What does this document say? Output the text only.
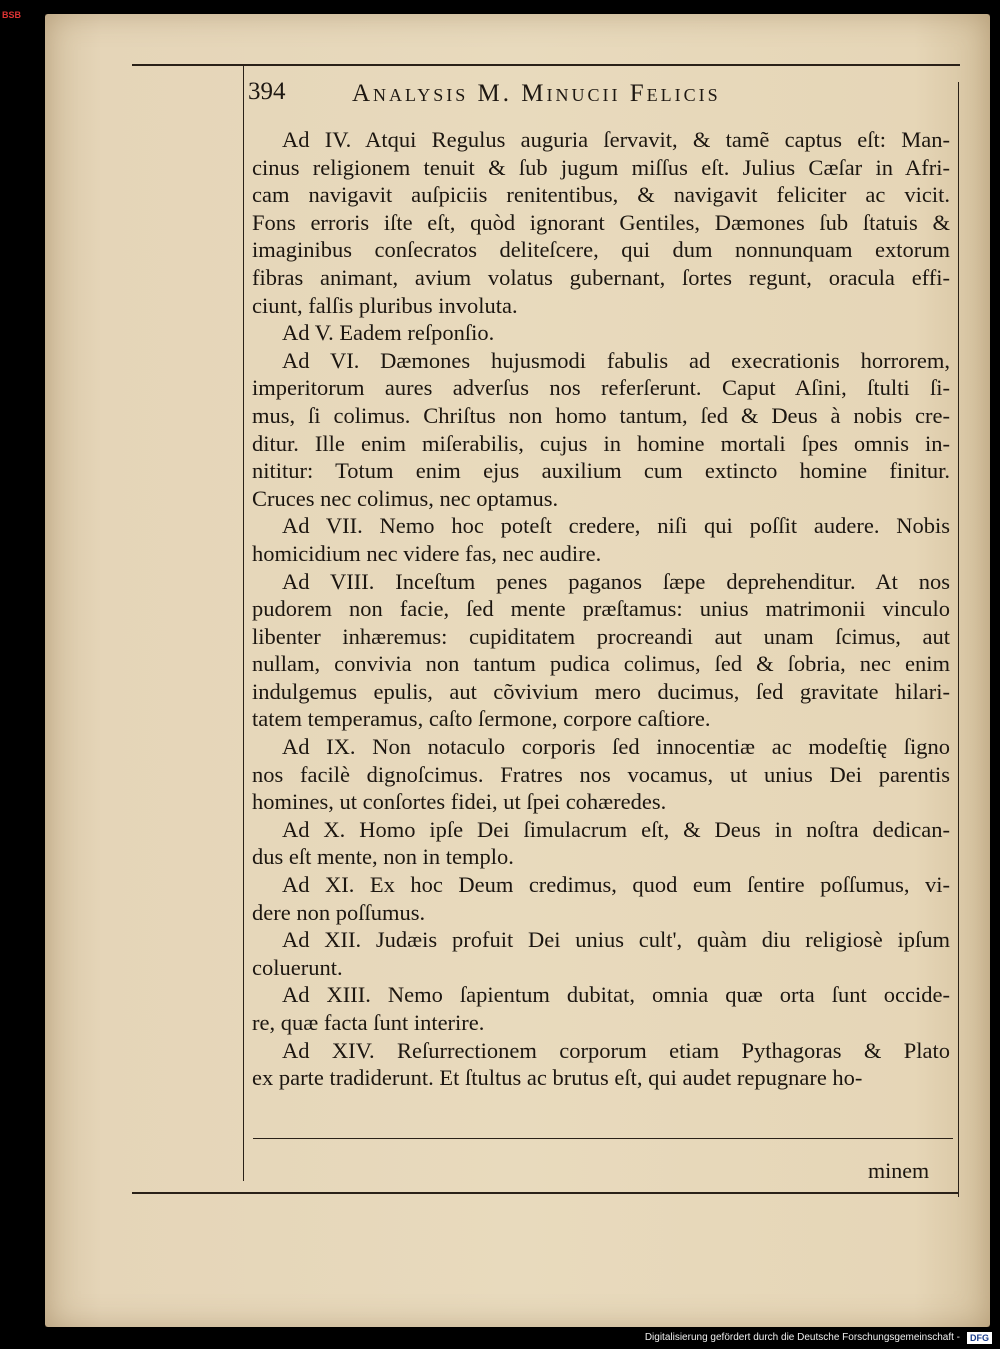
BSB
394	Analysis M. Minucii Felicis
Ad IV. Atqui Regulus auguria ſervavit, & tamẽ captus eſt: Man-
cinus religionem tenuit & ſub jugum miſſus eſt. Julius Cæſar in Afri-
cam navigavit auſpiciis renitentibus, & navigavit feliciter ac vicit.
Fons erroris iſte eſt, quòd ignorant Gentiles, Dæmones ſub ſtatuis &
imaginibus conſecratos deliteſcere, qui dum nonnunquam extorum
fibras animant, avium volatus gubernant, ſortes regunt, oracula effi-
ciunt, falſis pluribus involuta.
Ad V. Eadem reſponſio.
Ad VI. Dæmones hujusmodi fabulis ad execrationis horrorem,
imperitorum aures adverſus nos referſerunt. Caput Aſini, ſtulti ſi-
mus, ſi colimus. Chriſtus non homo tantum, ſed & Deus à nobis cre-
ditur. Ille enim miſerabilis, cujus in homine mortali ſpes omnis in-
nititur: Totum enim ejus auxilium cum extincto homine finitur.
Cruces nec colimus, nec optamus.
Ad VII. Nemo hoc poteſt credere, niſi qui poſſit audere. Nobis
homicidium nec videre fas, nec audire.
Ad VIII. Inceſtum penes paganos ſæpe deprehenditur. At nos
pudorem non facie, ſed mente præſtamus: unius matrimonii vinculo
libenter inhæremus: cupiditatem procreandi aut unam ſcimus, aut
nullam, convivia non tantum pudica colimus, ſed & ſobria, nec enim
indulgemus epulis, aut cõvivium mero ducimus, ſed gravitate hilari-
tatem temperamus, caſto ſermone, corpore caſtiore.
Ad IX. Non notaculo corporis ſed innocentiæ ac modeſtię ſigno
nos facilè dignoſcimus. Fratres nos vocamus, ut unius Dei parentis
homines, ut conſortes fidei, ut ſpei cohæredes.
Ad X. Homo ipſe Dei ſimulacrum eſt, & Deus in noſtra dedican-
dus eſt mente, non in templo.
Ad XI. Ex hoc Deum credimus, quod eum ſentire poſſumus, vi-
dere non poſſumus.
Ad XII. Judæis profuit Dei unius cult', quàm diu religiosè ipſum
coluerunt.
Ad XIII. Nemo ſapientum dubitat, omnia quæ orta ſunt occide-
re, quæ facta ſunt interire.
Ad XIV. Reſurrectionem corporum etiam Pythagoras & Plato
ex parte tradiderunt. Et ſtultus ac brutus eſt, qui audet repugnare ho-
minem
Digitalisierung gefördert durch die Deutsche Forschungsgemeinschaft -	DFG
